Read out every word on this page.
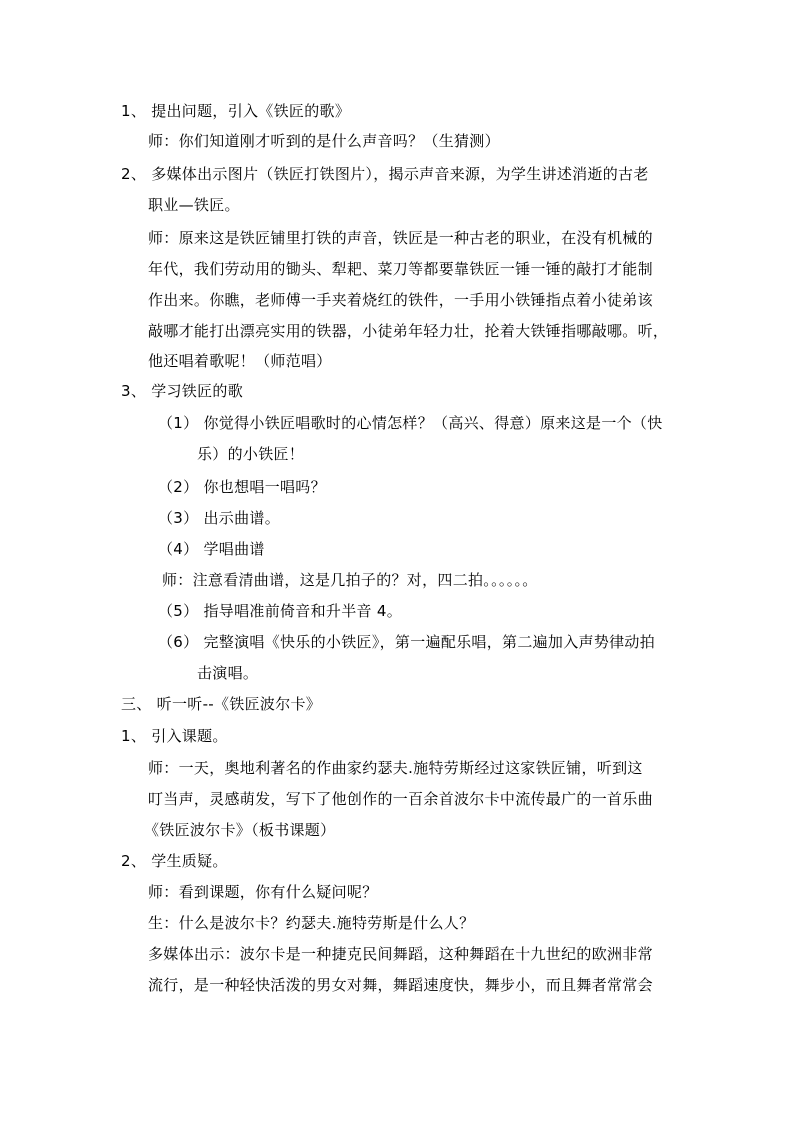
1、 提出问题，引入《铁匠的歌》
师：你们知道刚才听到的是什么声音吗？（生猜测）
2、 多媒体出示图片（铁匠打铁图片），揭示声音来源，为学生讲述消逝的古老
职业—铁匠。
师：原来这是铁匠铺里打铁的声音，铁匠是一种古老的职业，在没有机械的
年代，我们劳动用的锄头、犁耙、菜刀等都要靠铁匠一锤一锤的敲打才能制
作出来。你瞧，老师傅一手夹着烧红的铁件，一手用小铁锤指点着小徒弟该
敲哪才能打出漂亮实用的铁器，小徒弟年轻力壮，抡着大铁锤指哪敲哪。听，
他还唱着歌呢！（师范唱）
3、 学习铁匠的歌
（1） 你觉得小铁匠唱歌时的心情怎样？（高兴、得意）原来这是一个（快
乐）的小铁匠！
（2） 你也想唱一唱吗？
（3） 出示曲谱。
（4） 学唱曲谱
师：注意看清曲谱，这是几拍子的？对，四二拍。。。。。。
（5） 指导唱准前倚音和升半音 4。
（6） 完整演唱《快乐的小铁匠》，第一遍配乐唱，第二遍加入声势律动拍
击演唱。
三、 听一听--《铁匠波尔卡》
1、 引入课题。
师：一天，奥地利著名的作曲家约瑟夫.施特劳斯经过这家铁匠铺，听到这
叮当声，灵感萌发，写下了他创作的一百余首波尔卡中流传最广的一首乐曲
《铁匠波尔卡》（板书课题）
2、 学生质疑。
师：看到课题，你有什么疑问呢？
生：什么是波尔卡？约瑟夫.施特劳斯是什么人？
多媒体出示：波尔卡是一种捷克民间舞蹈，这种舞蹈在十九世纪的欧洲非常
流行，是一种轻快活泼的男女对舞，舞蹈速度快，舞步小，而且舞者常常会
